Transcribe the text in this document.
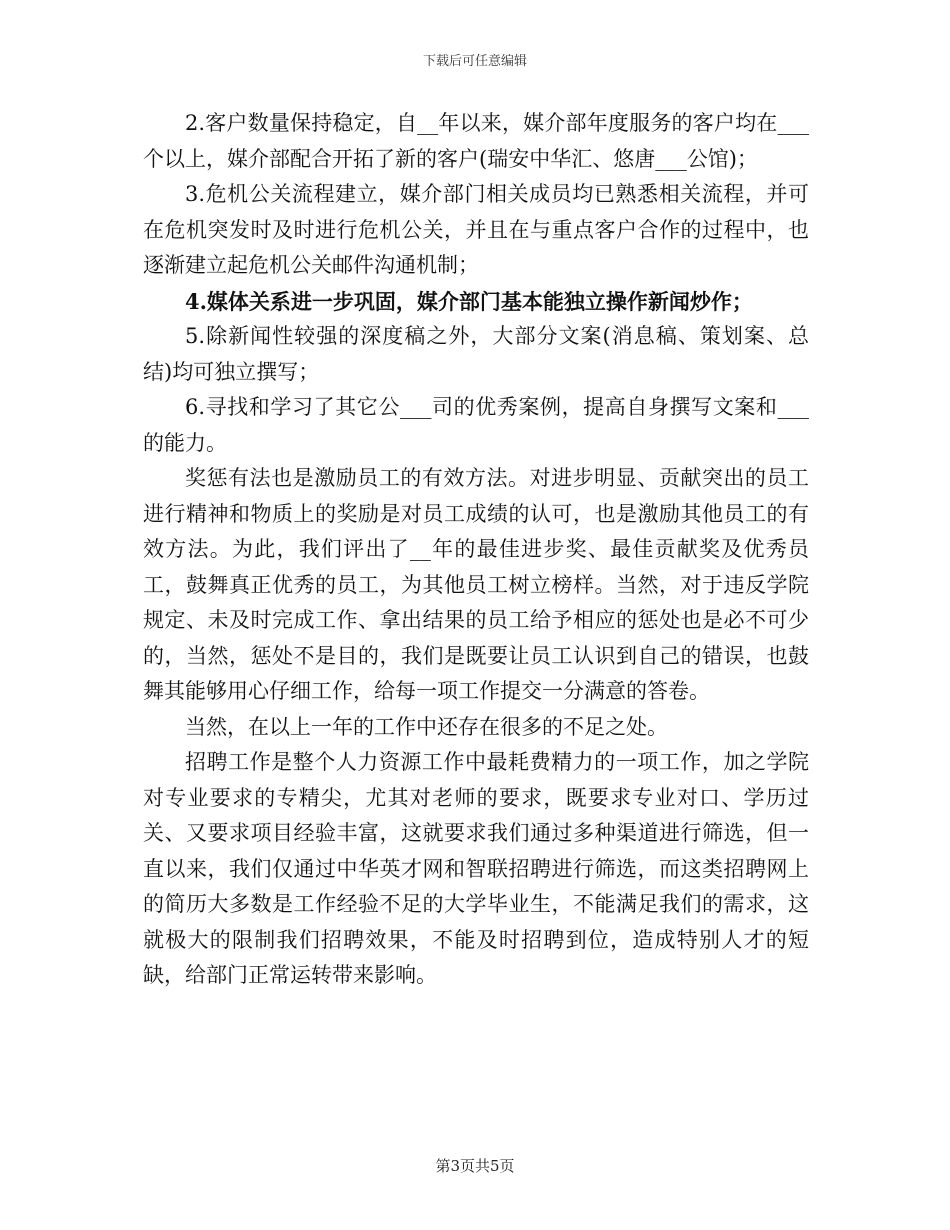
下载后可任意编辑

2.客户数量保持稳定，自__年以来，媒介部年度服务的客户均在___个以上，媒介部配合开拓了新的客户(瑞安中华汇、悠唐___公馆)；

3.危机公关流程建立，媒介部门相关成员均已熟悉相关流程，并可在危机突发时及时进行危机公关，并且在与重点客户合作的过程中，也逐渐建立起危机公关邮件沟通机制；

4.媒体关系进一步巩固，媒介部门基本能独立操作新闻炒作；

5.除新闻性较强的深度稿之外，大部分文案(消息稿、策划案、总结)均可独立撰写；

6.寻找和学习了其它公___司的优秀案例，提高自身撰写文案和___的能力。

奖惩有法也是激励员工的有效方法。对进步明显、贡献突出的员工进行精神和物质上的奖励是对员工成绩的认可，也是激励其他员工的有效方法。为此，我们评出了__年的最佳进步奖、最佳贡献奖及优秀员工，鼓舞真正优秀的员工，为其他员工树立榜样。当然，对于违反学院规定、未及时完成工作、拿出结果的员工给予相应的惩处也是必不可少的，当然，惩处不是目的，我们是既要让员工认识到自己的错误，也鼓舞其能够用心仔细工作，给每一项工作提交一分满意的答卷。

当然，在以上一年的工作中还存在很多的不足之处。

招聘工作是整个人力资源工作中最耗费精力的一项工作，加之学院对专业要求的专精尖，尤其对老师的要求，既要求专业对口、学历过关、又要求项目经验丰富，这就要求我们通过多种渠道进行筛选，但一直以来，我们仅通过中华英才网和智联招聘进行筛选，而这类招聘网上的简历大多数是工作经验不足的大学毕业生，不能满足我们的需求，这就极大的限制我们招聘效果，不能及时招聘到位，造成特别人才的短缺，给部门正常运转带来影响。

第3页共5页
